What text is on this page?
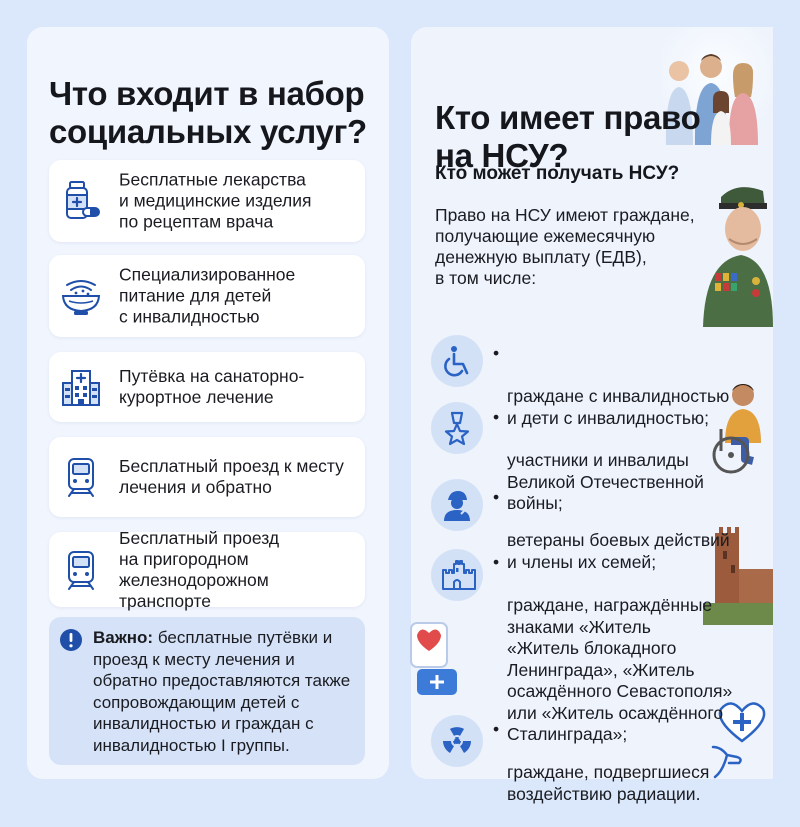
Что входит в набор
социальных услуг?
Бесплатные лекарства
и медицинские изделия
по рецептам врача
Специализированное
питание для детей
с инвалидностью
Путёвка на санаторно-
курортное лечение
Бесплатный проезд к месту
лечения и обратно
Бесплатный проезд
на пригородном
железнодорожном транспорте
Важно: бесплатные путёвки и проезд к месту лечения и обратно предоставляются также сопровождающим детей с инвалидностью и граждан с инвалидностью I группы.
Кто имеет право
на НСУ?
Кто может получать НСУ?
Право на НСУ имеют граждане,
получающие ежемесячную
денежную выплату (ЕДВ),
в том числе:

•

граждане с инвалидностью
и дети с инвалидностью;

•

участники и инвалиды
Великой Отечественной
войны;

•

ветераны боевых действий
и члены их семей;

•

граждане, награждённые
знаками «Житель
«Житель блокадного
Ленинграда», «Житель
осаждённого Севастополя»
или «Житель осаждённого
Сталинграда»;

•

граждане, подвергшиеся
воздействию радиации.
